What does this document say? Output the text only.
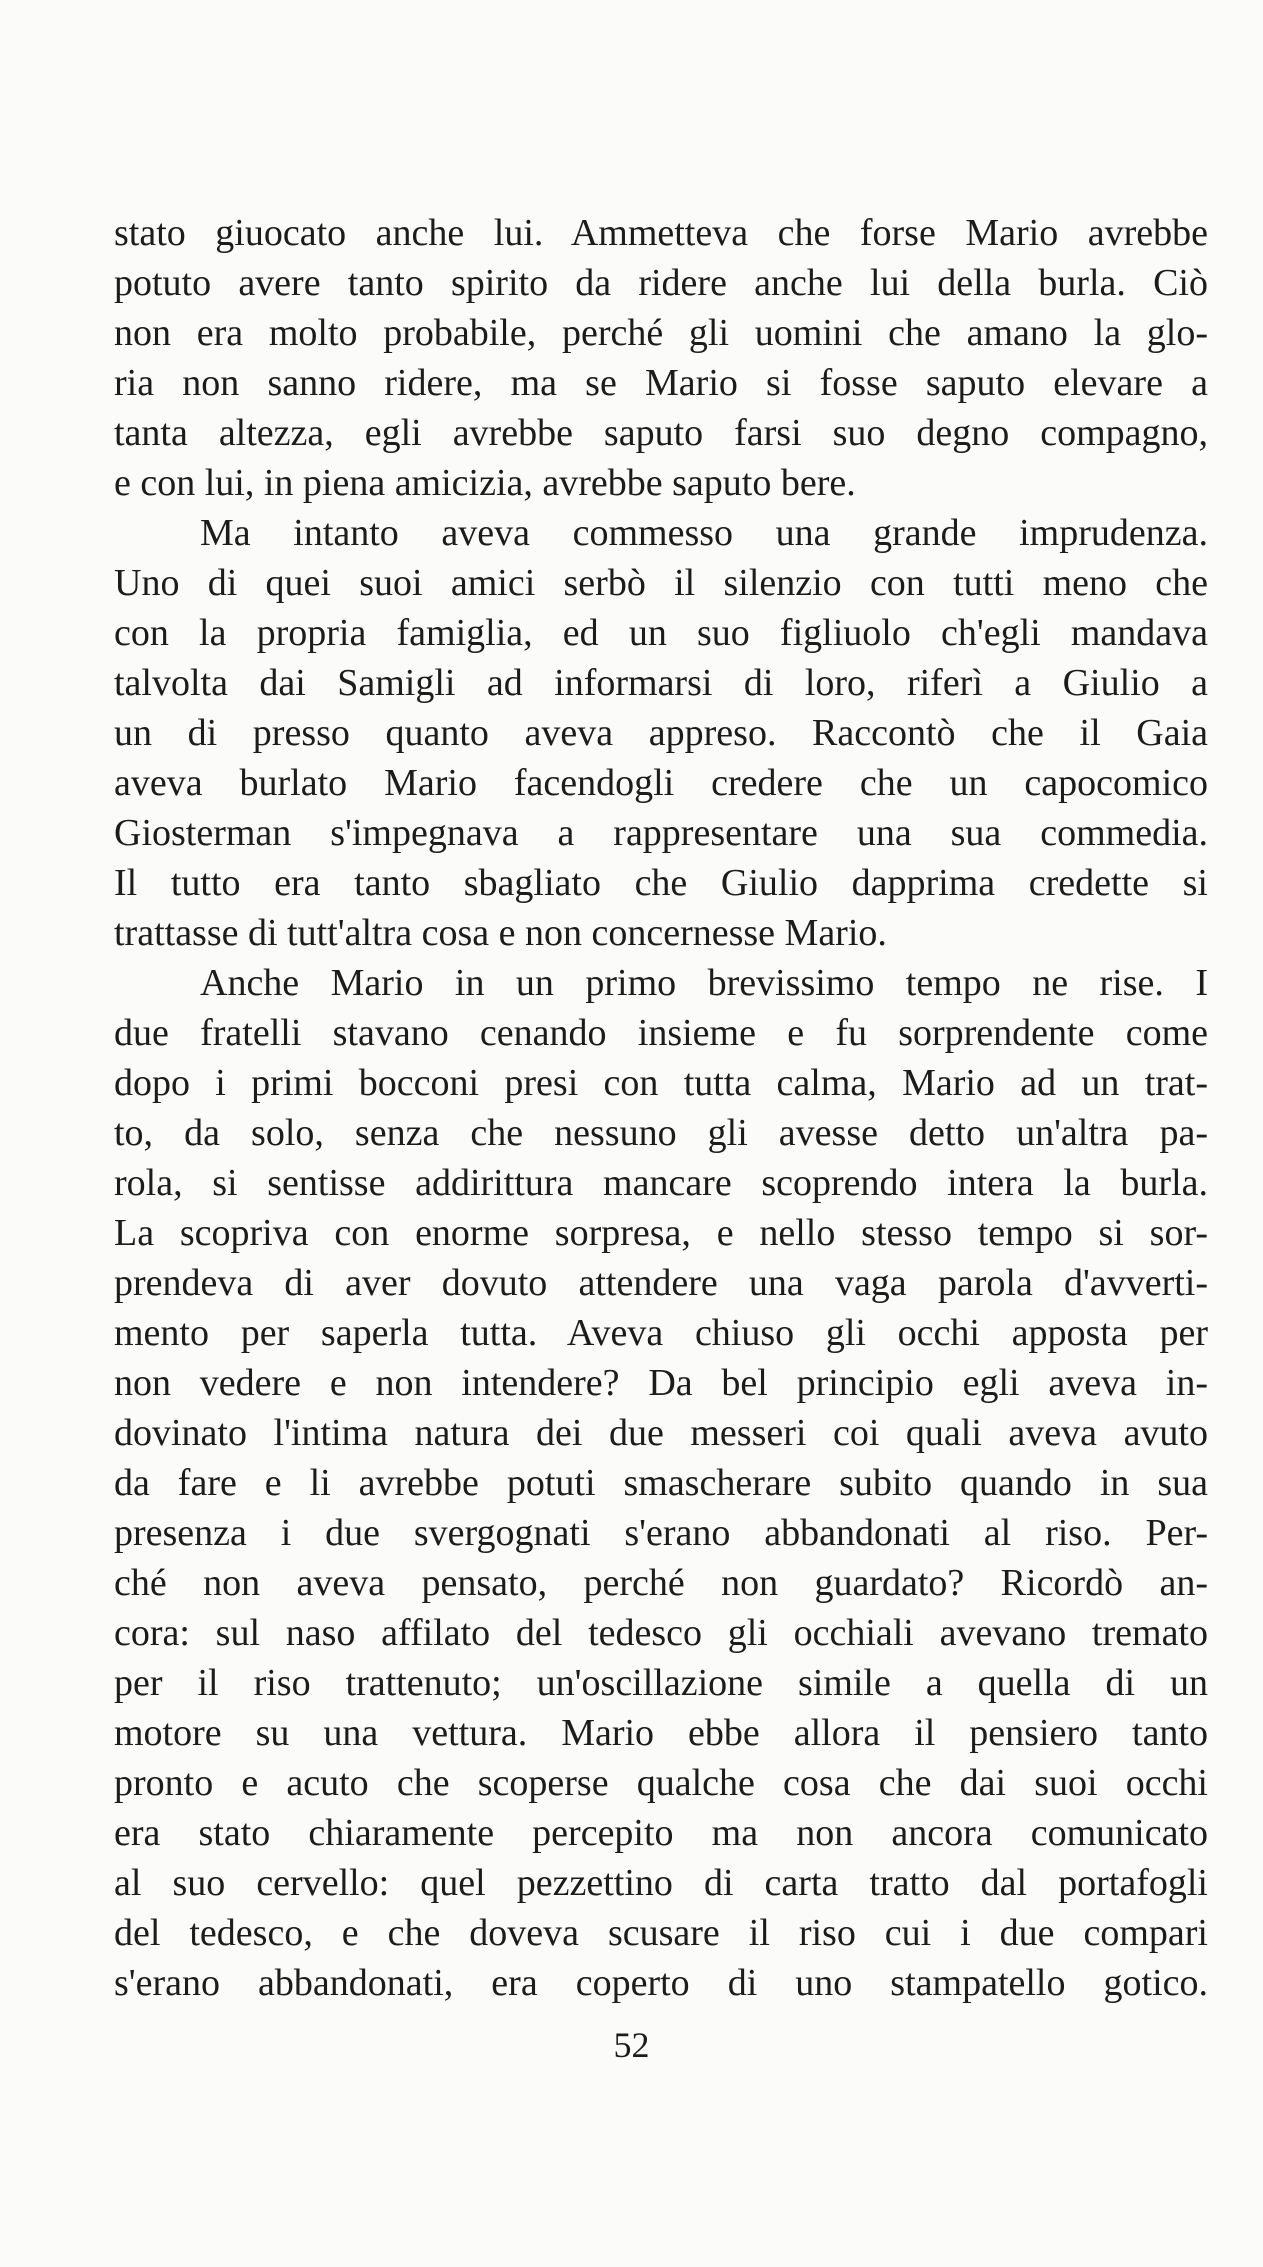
stato giuocato anche lui. Ammetteva che forse Mario avrebbe
potuto avere tanto spirito da ridere anche lui della burla. Ciò
non era molto probabile, perché gli uomini che amano la glo-
ria non sanno ridere, ma se Mario si fosse saputo elevare a
tanta altezza, egli avrebbe saputo farsi suo degno compagno,
e con lui, in piena amicizia, avrebbe saputo bere.
Ma intanto aveva commesso una grande imprudenza.
Uno di quei suoi amici serbò il silenzio con tutti meno che
con la propria famiglia, ed un suo figliuolo ch'egli mandava
talvolta dai Samigli ad informarsi di loro, riferì a Giulio a
un di presso quanto aveva appreso. Raccontò che il Gaia
aveva burlato Mario facendogli credere che un capocomico
Giosterman s'impegnava a rappresentare una sua commedia.
Il tutto era tanto sbagliato che Giulio dapprima credette si
trattasse di tutt'altra cosa e non concernesse Mario.
Anche Mario in un primo brevissimo tempo ne rise. I
due fratelli stavano cenando insieme e fu sorprendente come
dopo i primi bocconi presi con tutta calma, Mario ad un trat-
to, da solo, senza che nessuno gli avesse detto un'altra pa-
rola, si sentisse addirittura mancare scoprendo intera la burla.
La scopriva con enorme sorpresa, e nello stesso tempo si sor-
prendeva di aver dovuto attendere una vaga parola d'avverti-
mento per saperla tutta. Aveva chiuso gli occhi apposta per
non vedere e non intendere? Da bel principio egli aveva in-
dovinato l'intima natura dei due messeri coi quali aveva avuto
da fare e li avrebbe potuti smascherare subito quando in sua
presenza i due svergognati s'erano abbandonati al riso. Per-
ché non aveva pensato, perché non guardato? Ricordò an-
cora: sul naso affilato del tedesco gli occhiali avevano tremato
per il riso trattenuto; un'oscillazione simile a quella di un
motore su una vettura. Mario ebbe allora il pensiero tanto
pronto e acuto che scoperse qualche cosa che dai suoi occhi
era stato chiaramente percepito ma non ancora comunicato
al suo cervello: quel pezzettino di carta tratto dal portafogli
del tedesco, e che doveva scusare il riso cui i due compari
s'erano abbandonati, era coperto di uno stampatello gotico.
52
